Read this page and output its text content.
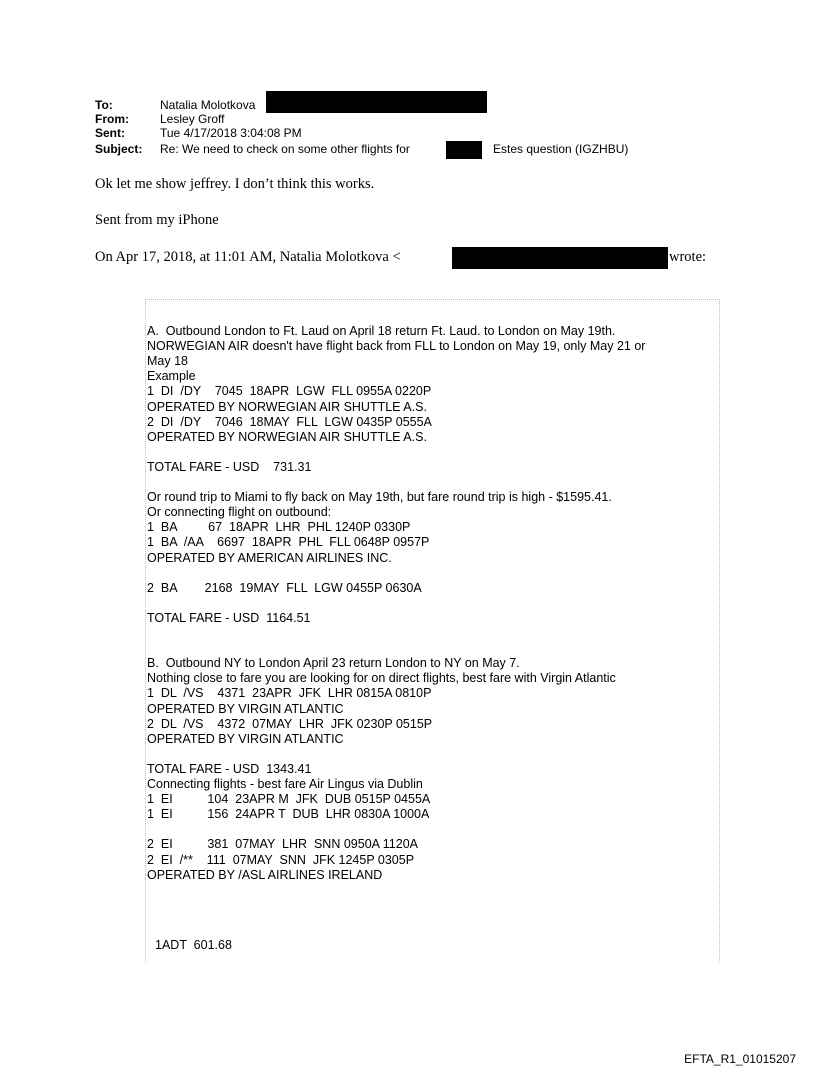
To:	Natalia Molotkova
From:	Lesley Groff
Sent:	Tue 4/17/2018 3:04:08 PM
Subject: Re: We need to check on some other flights for	Estes question (IGZHBU)
Ok let me show jeffrey. I don’t think this works.
Sent from my iPhone
On Apr 17, 2018, at 11:01 AM, Natalia Molotkova <	wrote:
A.  Outbound London to Ft. Laud on April 18 return Ft. Laud. to London on May 19th.
NORWEGIAN AIR doesn't have flight back from FLL to London on May 19, only May 21 or
May 18
Example
1  DI  /DY    7045  18APR  LGW  FLL 0955A 0220P
OPERATED BY NORWEGIAN AIR SHUTTLE A.S.
2  DI  /DY    7046  18MAY  FLL  LGW 0435P 0555A
OPERATED BY NORWEGIAN AIR SHUTTLE A.S.
TOTAL FARE - USD    731.31
Or round trip to Miami to fly back on May 19th, but fare round trip is high - $1595.41.
Or connecting flight on outbound:
1  BA         67  18APR  LHR  PHL 1240P 0330P
1  BA  /AA    6697  18APR  PHL  FLL 0648P 0957P
OPERATED BY AMERICAN AIRLINES INC.
2  BA        2168  19MAY  FLL  LGW 0455P 0630A
TOTAL FARE - USD  1164.51
B.  Outbound NY to London April 23 return London to NY on May 7.
Nothing close to fare you are looking for on direct flights, best fare with Virgin Atlantic
1  DL  /VS    4371  23APR  JFK  LHR 0815A 0810P
OPERATED BY VIRGIN ATLANTIC
2  DL  /VS    4372  07MAY  LHR  JFK 0230P 0515P
OPERATED BY VIRGIN ATLANTIC
TOTAL FARE - USD  1343.41
Connecting flights - best fare Air Lingus via Dublin
1  EI          104  23APR M  JFK  DUB 0515P 0455A
1  EI          156  24APR T  DUB  LHR 0830A 1000A
2  EI          381  07MAY  LHR  SNN 0950A 1120A
2  EI  /**    111  07MAY  SNN  JFK 1245P 0305P
OPERATED BY /ASL AIRLINES IRELAND
1ADT  601.68
EFTA_R1_01015207
